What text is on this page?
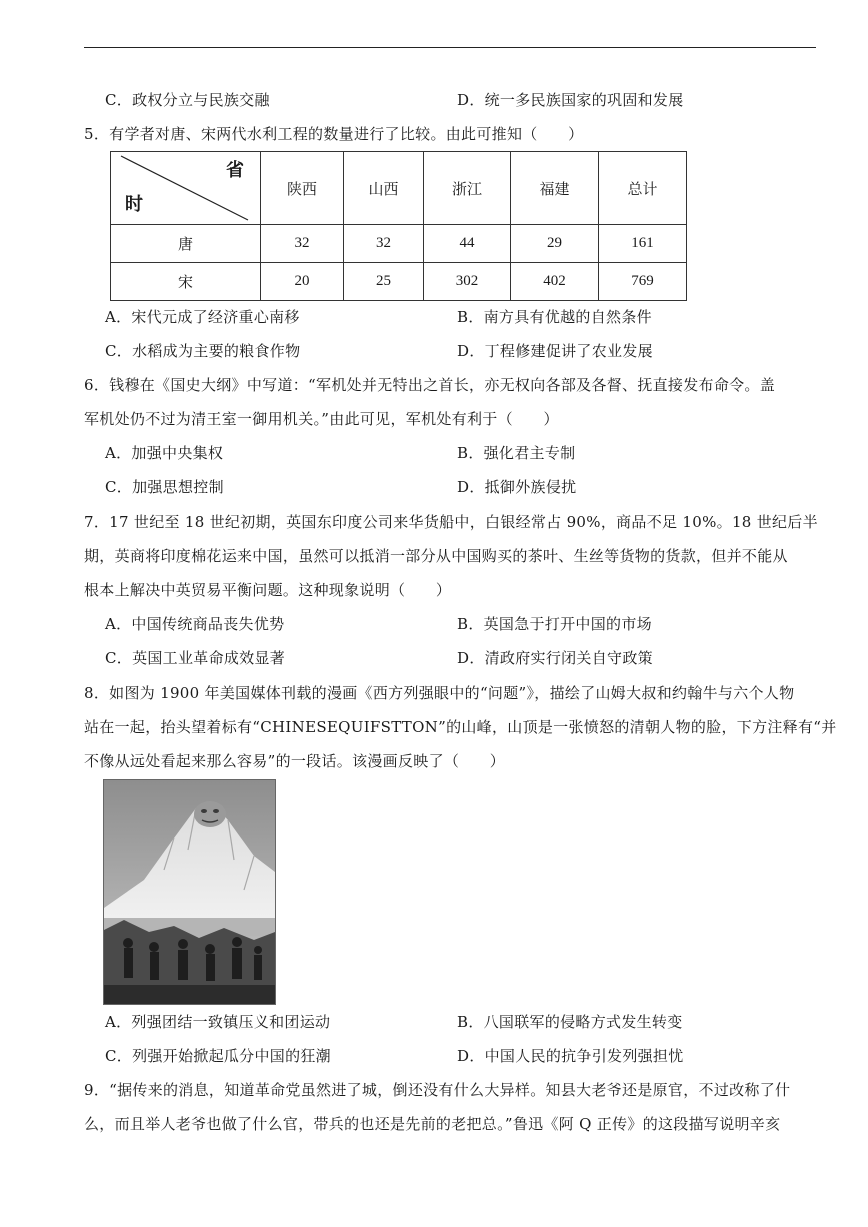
C．政权分立与民族交融	D．统一多民族国家的巩固和发展
5．有学者对唐、宋两代水利工程的数量进行了比较。由此可推知（　　）
省
时	陕西	山西	浙江	福建	总计
唐	32	32	44	29	161
宋	20	25	302	402	769
A．宋代元成了经济重心南移	B．南方具有优越的自然条件
C．水稻成为主要的粮食作物	D．丁程修建促讲了农业发展
6．钱穆在《国史大纲》中写道：“军机处并无特出之首长，亦无权向各部及各督、抚直接发布命令。盖
军机处仍不过为清王室一御用机关。”由此可见，军机处有利于（　　）
A．加强中央集权	B．强化君主专制
C．加强思想控制	D．抵御外族侵扰
7．17 世纪至 18 世纪初期，英国东印度公司来华货船中，白银经常占 90%，商品不足 10%。18 世纪后半
期，英商将印度棉花运来中国，虽然可以抵消一部分从中国购买的茶叶、生丝等货物的货款，但并不能从
根本上解决中英贸易平衡问题。这种现象说明（　　）
A．中国传统商品丧失优势	B．英国急于打开中国的市场
C．英国工业革命成效显著	D．清政府实行闭关自守政策
8．如图为 1900 年美国媒体刊载的漫画《西方列强眼中的“问题”》，描绘了山姆大叔和约翰牛与六个人物
站在一起，抬头望着标有“CHINESEQUIFSTTON”的山峰，山顶是一张愤怒的清朝人物的脸，下方注释有“并
不像从远处看起来那么容易”的一段话。该漫画反映了（　　）
A．列强团结一致镇压义和团运动	B．八国联军的侵略方式发生转变
C．列强开始掀起瓜分中国的狂潮	D．中国人民的抗争引发列强担忧
9．“据传来的消息，知道革命党虽然进了城，倒还没有什么大异样。知县大老爷还是原官，不过改称了什
么，而且举人老爷也做了什么官，带兵的也还是先前的老把总。”鲁迅《阿 Q 正传》的这段描写说明辛亥
